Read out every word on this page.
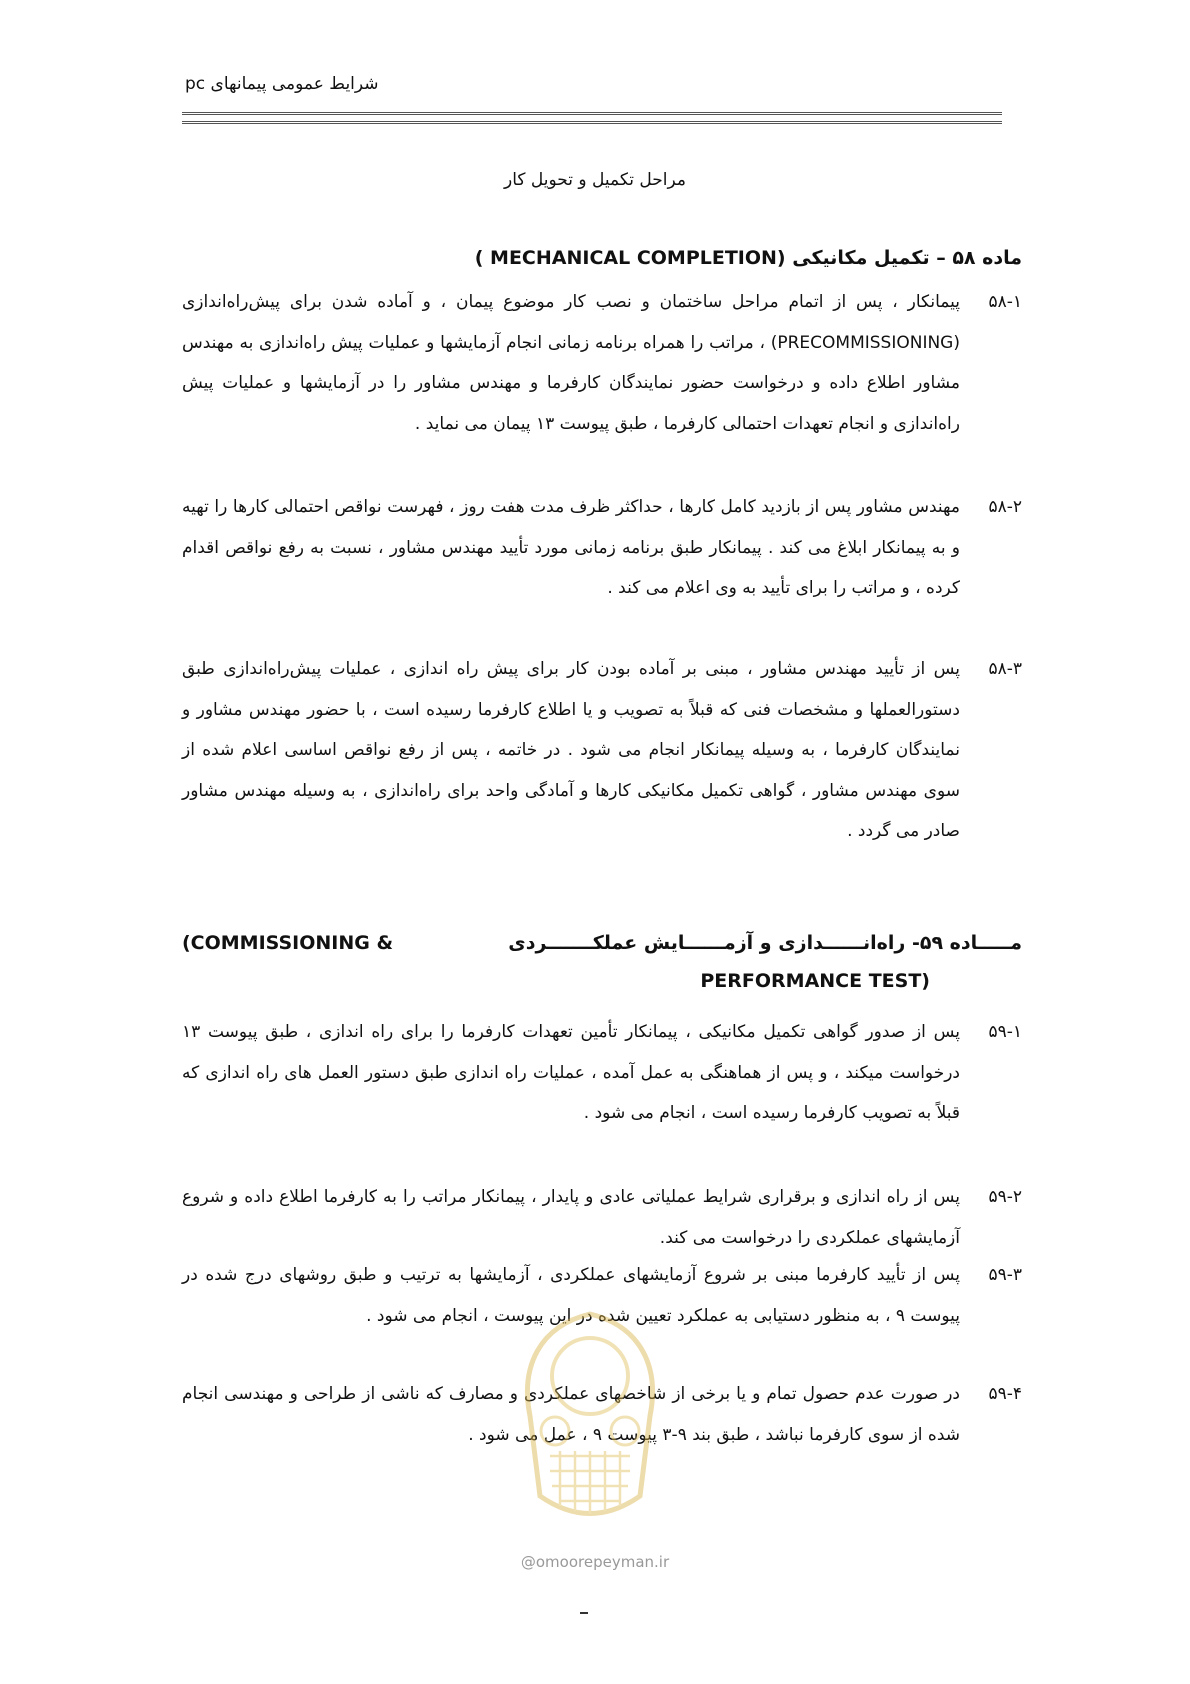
شرایط عمومی پیمانهای pc
مراحل تکمیل و تحویل کار
ماده ۵۸ – تکمیل مکانیکی (MECHANICAL COMPLETION )
۵۸-۱
پیمانکار ، پس از اتمام مراحل ساختمان و نصب کار موضوع پیمان ، و آماده شدن برای پیش‌راه‌اندازی (PRECOMMISSIONING) ، مراتب را همراه برنامه زمانی انجام آزمایشها و عملیات پیش راه‌اندازی به مهندس مشاور اطلاع داده و درخواست حضور نمایندگان کارفرما و مهندس مشاور را در آزمایشها و عملیات پیش راه‌اندازی و انجام تعهدات احتمالی کارفرما ، طبق پیوست ۱۳ پیمان می نماید .
۵۸-۲
مهندس مشاور پس از بازدید کامل کارها ، حداکثر ظرف مدت هفت روز ، فهرست نواقص احتمالی کارها را تهیه و به پیمانکار ابلاغ می کند . پیمانکار طبق برنامه زمانی مورد تأیید مهندس مشاور ، نسبت به رفع نواقص اقدام کرده ، و مراتب را برای تأیید به وی اعلام می کند .
۵۸-۳
پس از تأیید مهندس مشاور ، مبنی بر آماده بودن کار برای پیش راه اندازی ، عملیات پیش‌راه‌اندازی طبق دستورالعملها و مشخصات فنی که قبلاً به تصویب و یا اطلاع کارفرما رسیده است ، با حضور مهندس مشاور و نمایندگان کارفرما ، به وسیله پیمانکار انجام می شود . در خاتمه ، پس از رفع نواقص اساسی اعلام شده از سوی مهندس مشاور ، گواهی تکمیل مکانیکی کارها و آمادگی واحد برای راه‌اندازی ، به وسیله مهندس مشاور صادر می گردد .
مـــــاده ۵۹- راه‌انــــــدازی و آزمــــــایش عملکـــــــردی
(COMMISSIONING &
PERFORMANCE TEST)
۵۹-۱
پس از صدور گواهی تکمیل مکانیکی ، پیمانکار تأمین تعهدات کارفرما را برای راه اندازی ، طبق پیوست ۱۳ درخواست میکند ، و پس از هماهنگی به عمل آمده ، عملیات راه اندازی طبق دستور العمل های راه اندازی که قبلاً به تصویب کارفرما رسیده است ، انجام می شود .
۵۹-۲
پس از راه اندازی و برقراری شرایط عملیاتی عادی و پایدار ، پیمانکار مراتب را به کارفرما اطلاع داده و شروع آزمایشهای عملکردی را درخواست می کند.
۵۹-۳
پس از تأیید کارفرما مبنی بر شروع آزمایشهای عملکردی ، آزمایشها به ترتیب و طبق روشهای درج شده در پیوست ۹ ، به منظور دستیابی به عملکرد تعیین شده در این پیوست ، انجام می شود .
۵۹-۴
در صورت عدم حصول تمام و یا برخی از شاخصهای عملکردی و مصارف که ناشی از طراحی و مهندسی انجام شده از سوی کارفرما نباشد ، طبق بند ۹-۳ پیوست ۹ ، عمل می شود .
@omoorepeyman.ir
